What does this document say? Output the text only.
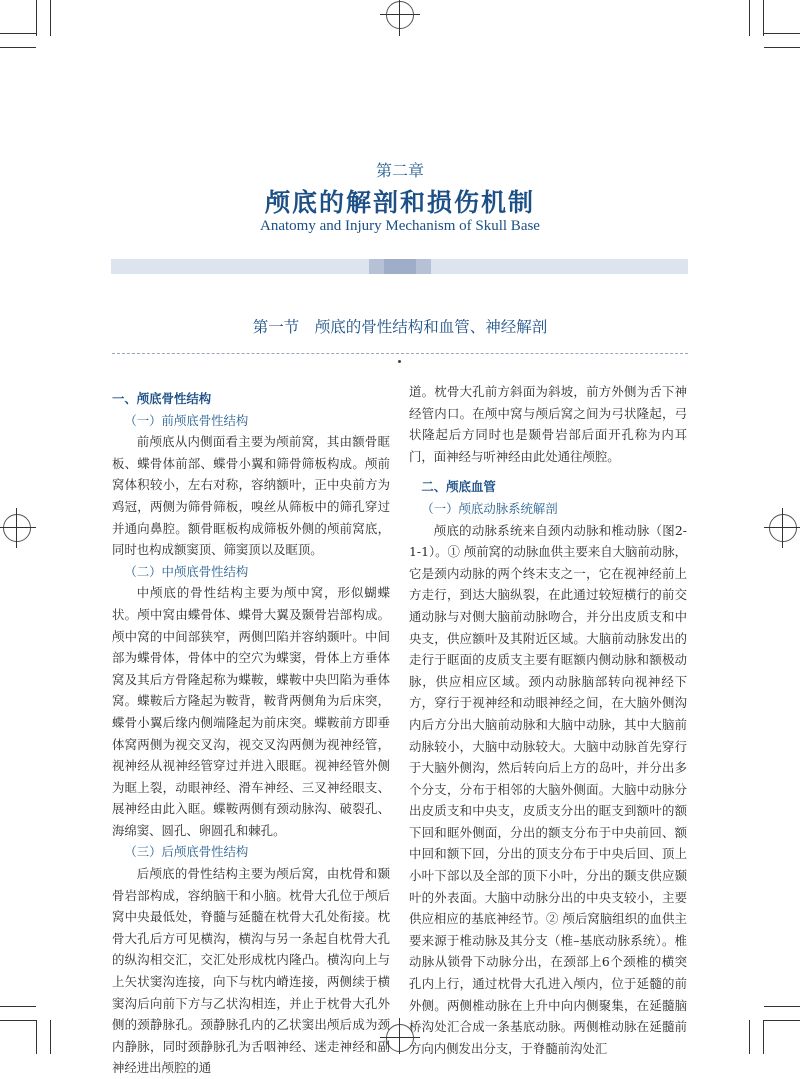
第二章
颅底的解剖和损伤机制
Anatomy and Injury Mechanism of Skull Base
第一节　颅底的骨性结构和血管、神经解剖
一、颅底骨性结构
（一）前颅底骨性结构

前颅底从内侧面看主要为颅前窝，其由额骨眶板、蝶骨体前部、蝶骨小翼和筛骨筛板构成。颅前窝体积较小，左右对称，容纳额叶，正中央前方为鸡冠，两侧为筛骨筛板，嗅丝从筛板中的筛孔穿过并通向鼻腔。额骨眶板构成筛板外侧的颅前窝底，同时也构成额窦顶、筛窦顶以及眶顶。

（二）中颅底骨性结构

中颅底的骨性结构主要为颅中窝，形似蝴蝶状。颅中窝由蝶骨体、蝶骨大翼及颞骨岩部构成。颅中窝的中间部狭窄，两侧凹陷并容纳颞叶。中间部为蝶骨体，骨体中的空穴为蝶窦，骨体上方垂体窝及其后方骨隆起称为蝶鞍，蝶鞍中央凹陷为垂体窝。蝶鞍后方隆起为鞍背，鞍背两侧角为后床突，蝶骨小翼后缘内侧端隆起为前床突。蝶鞍前方即垂体窝两侧为视交叉沟，视交叉沟两侧为视神经管，视神经从视神经管穿过并进入眼眶。视神经管外侧为眶上裂，动眼神经、滑车神经、三叉神经眼支、展神经由此入眶。蝶鞍两侧有颈动脉沟、破裂孔、海绵窦、圆孔、卵圆孔和棘孔。

（三）后颅底骨性结构

后颅底的骨性结构主要为颅后窝，由枕骨和颞骨岩部构成，容纳脑干和小脑。枕骨大孔位于颅后窝中央最低处，脊髓与延髓在枕骨大孔处衔接。枕骨大孔后方可见横沟，横沟与另一条起自枕骨大孔的纵沟相交汇，交汇处形成枕内隆凸。横沟向上与上矢状窦沟连接，向下与枕内嵴连接，两侧续于横窦沟后向前下方与乙状沟相连，并止于枕骨大孔外侧的颈静脉孔。颈静脉孔内的乙状窦出颅后成为颈内静脉，同时颈静脉孔为舌咽神经、迷走神经和副神经进出颅腔的通

道。枕骨大孔前方斜面为斜坡，前方外侧为舌下神经管内口。在颅中窝与颅后窝之间为弓状隆起，弓状隆起后方同时也是颞骨岩部后面开孔称为内耳门，面神经与听神经由此处通往颅腔。

二、颅底血管
（一）颅底动脉系统解剖

颅底的动脉系统来自颈内动脉和椎动脉（图2-1-1）。① 颅前窝的动脉血供主要来自大脑前动脉，它是颈内动脉的两个终末支之一，它在视神经前上方走行，到达大脑纵裂，在此通过较短横行的前交通动脉与对侧大脑前动脉吻合，并分出皮质支和中央支，供应额叶及其附近区域。大脑前动脉发出的走行于眶面的皮质支主要有眶额内侧动脉和额极动脉，供应相应区域。颈内动脉脑部转向视神经下方，穿行于视神经和动眼神经之间，在大脑外侧沟内后方分出大脑前动脉和大脑中动脉，其中大脑前动脉较小，大脑中动脉较大。大脑中动脉首先穿行于大脑外侧沟，然后转向后上方的岛叶，并分出多个分支，分布于相邻的大脑外侧面。大脑中动脉分出皮质支和中央支，皮质支分出的眶支到额叶的额下回和眶外侧面，分出的额支分布于中央前回、额中回和额下回，分出的顶支分布于中央后回、顶上小叶下部以及全部的顶下小叶，分出的颞支供应颞叶的外表面。大脑中动脉分出的中央支较小，主要供应相应的基底神经节。② 颅后窝脑组织的血供主要来源于椎动脉及其分支（椎–基底动脉系统）。椎动脉从锁骨下动脉分出，在颈部上6个颈椎的横突孔内上行，通过枕骨大孔进入颅内，位于延髓的前外侧。两侧椎动脉在上升中向内侧聚集，在延髓脑桥沟处汇合成一条基底动脉。两侧椎动脉在延髓前方向内侧发出分支，于脊髓前沟处汇
